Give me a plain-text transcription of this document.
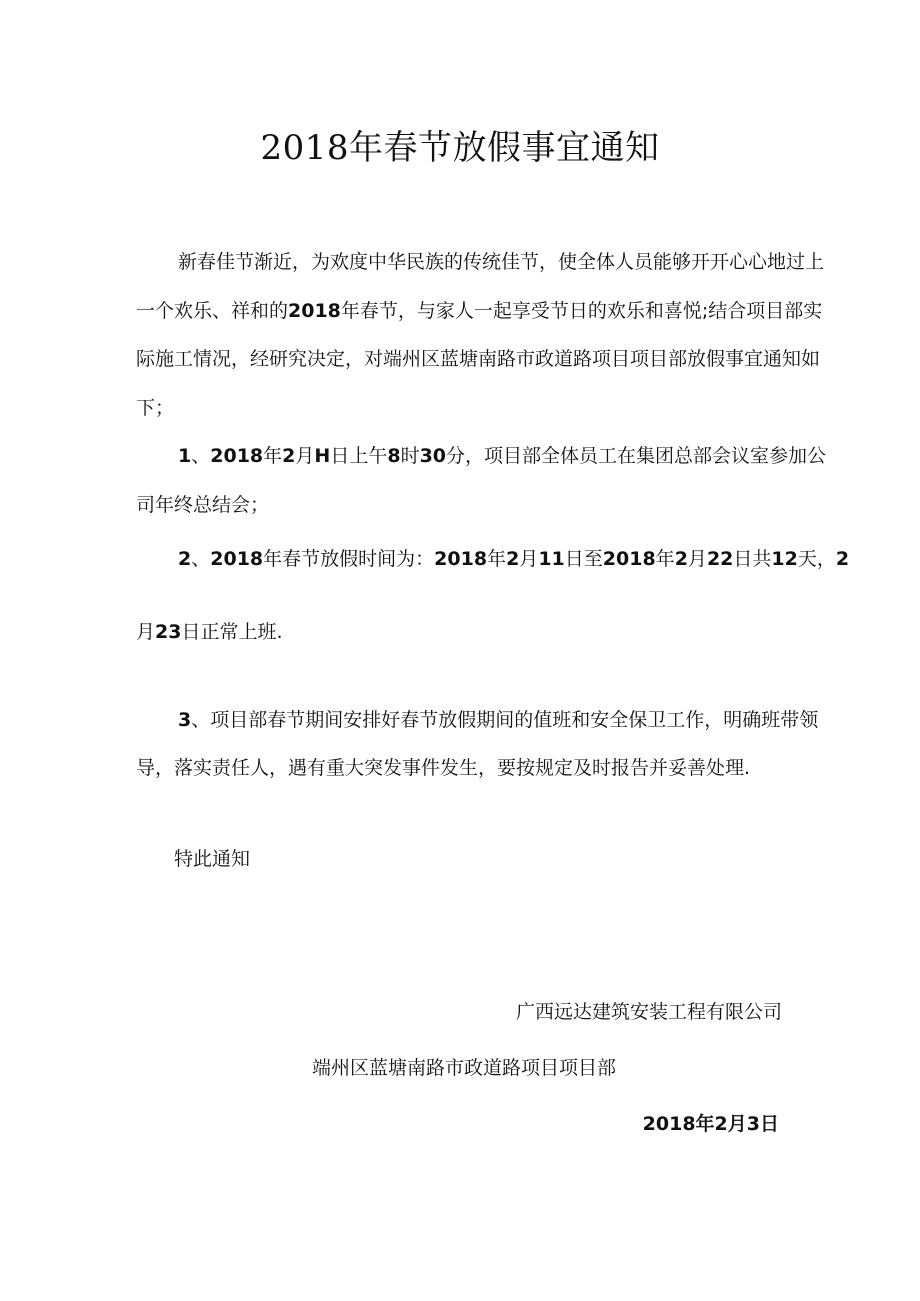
2018年春节放假事宜通知

新春佳节渐近，为欢度中华民族的传统佳节，使全体人员能够开开心心地过上一个欢乐、祥和的2018年春节，与家人一起享受节日的欢乐和喜悦;结合项目部实际施工情况，经研究决定，对端州区蓝塘南路市政道路项目项目部放假事宜通知如下；

1、2018年2月H日上午8时30分，项目部全体员工在集团总部会议室参加公司年终总结会；

2、2018年春节放假时间为：2018年2月11日至2018年2月22日共12天，2

月23日正常上班.

3、项目部春节期间安排好春节放假期间的值班和安全保卫工作，明确班带领导，落实责任人，遇有重大突发事件发生，要按规定及时报告并妥善处理.

特此通知

广西远达建筑安装工程有限公司

端州区蓝塘南路市政道路项目项目部

2018年2月3日
